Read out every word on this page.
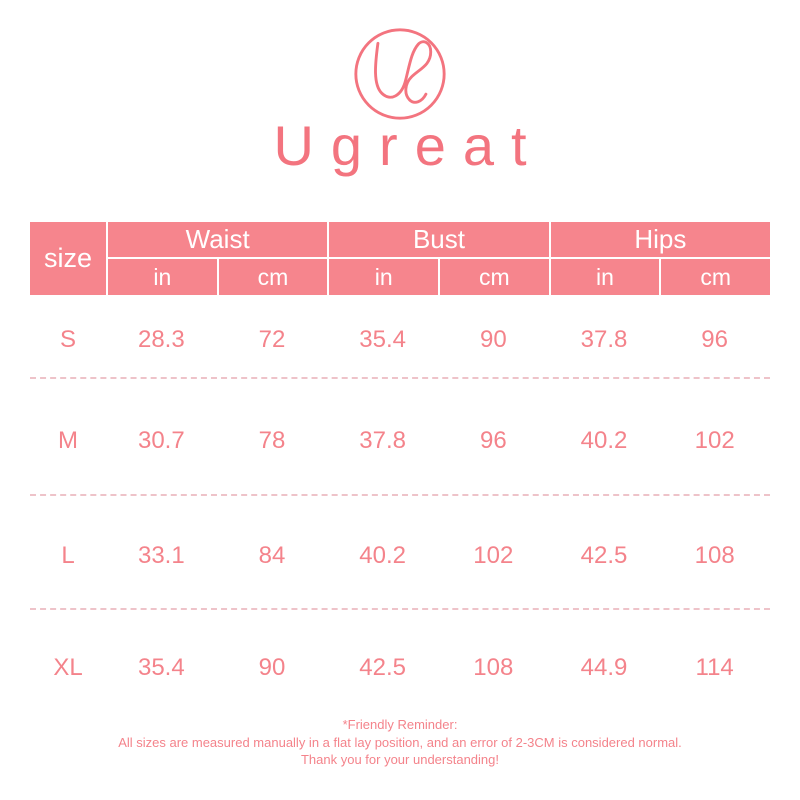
Ugreat
size
Waist	Bust	Hips
in	cm	in	cm	in	cm
S	28.3	72	35.4	90	37.8	96
M	30.7	78	37.8	96	40.2	102
L	33.1	84	40.2	102	42.5	108
XL	35.4	90	42.5	108	44.9	114
*Friendly Reminder:
All sizes are measured manually in a flat lay position, and an error of 2-3CM is considered normal.
Thank you for your understanding!
